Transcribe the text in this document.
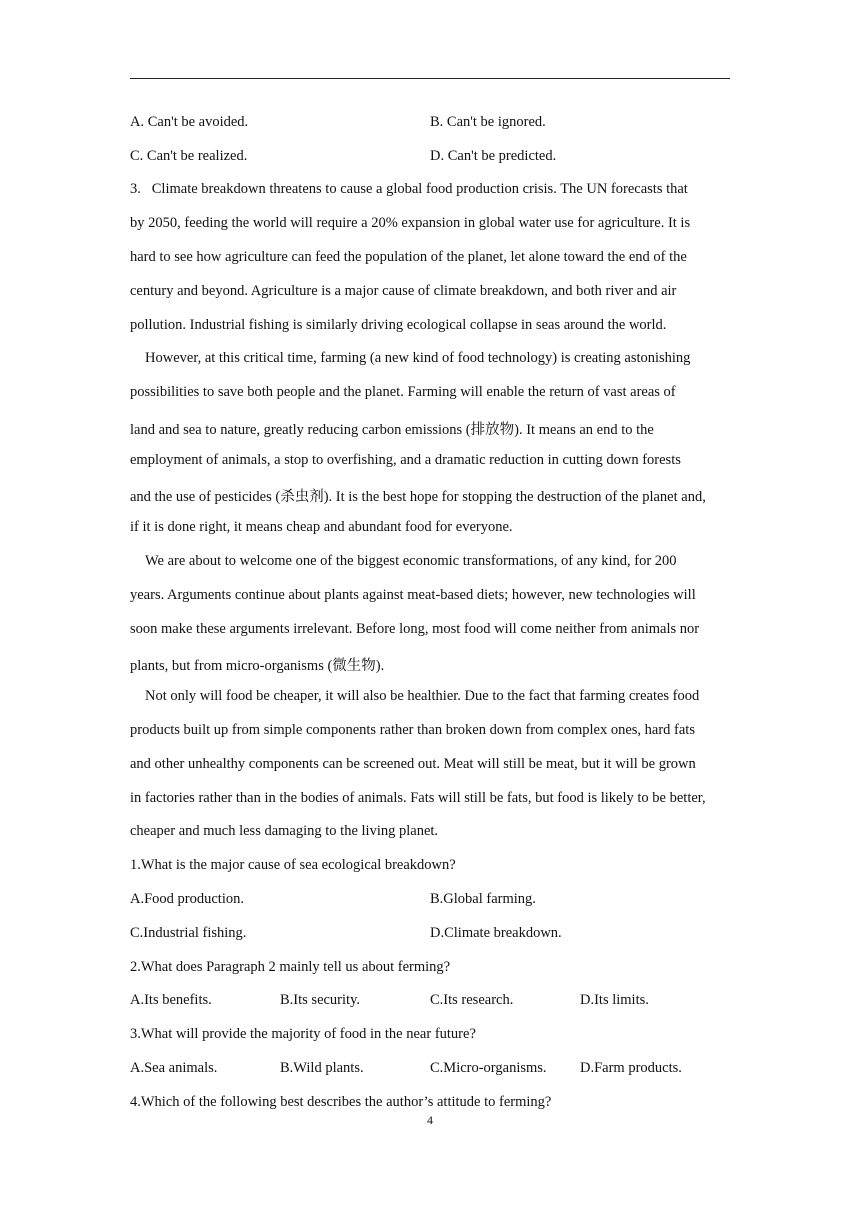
A. Can't be avoided.	B. Can't be ignored.
C. Can't be realized.	D. Can't be predicted.
3.   Climate breakdown threatens to cause a global food production crisis. The UN forecasts that
by 2050, feeding the world will require a 20% expansion in global water use for agriculture. It is
hard to see how agriculture can feed the population of the planet, let alone toward the end of the
century and beyond. Agriculture is a major cause of climate breakdown, and both river and air
pollution. Industrial fishing is similarly driving ecological collapse in seas around the world.
However, at this critical time, farming (a new kind of food technology) is creating astonishing
possibilities to save both people and the planet. Farming will enable the return of vast areas of
land and sea to nature, greatly reducing carbon emissions (排放物). It means an end to the
employment of animals, a stop to overfishing, and a dramatic reduction in cutting down forests
and the use of pesticides (杀虫剂). It is the best hope for stopping the destruction of the planet and,
if it is done right, it means cheap and abundant food for everyone.
We are about to welcome one of the biggest economic transformations, of any kind, for 200
years. Arguments continue about plants against meat-based diets; however, new technologies will
soon make these arguments irrelevant. Before long, most food will come neither from animals nor
plants, but from micro-organisms (微生物).
Not only will food be cheaper, it will also be healthier. Due to the fact that farming creates food
products built up from simple components rather than broken down from complex ones, hard fats
and other unhealthy components can be screened out. Meat will still be meat, but it will be grown
in factories rather than in the bodies of animals. Fats will still be fats, but food is likely to be better,
cheaper and much less damaging to the living planet.
1.What is the major cause of sea ecological breakdown?
A.Food production.	B.Global farming.
C.Industrial fishing.	D.Climate breakdown.
2.What does Paragraph 2 mainly tell us about ferming?
A.Its benefits.	B.Its security.	C.Its research.	D.Its limits.
3.What will provide the majority of food in the near future?
A.Sea animals.	B.Wild plants.	C.Micro-organisms. D.Farm products.
4.Which of the following best describes the author’s attitude to ferming?
4
